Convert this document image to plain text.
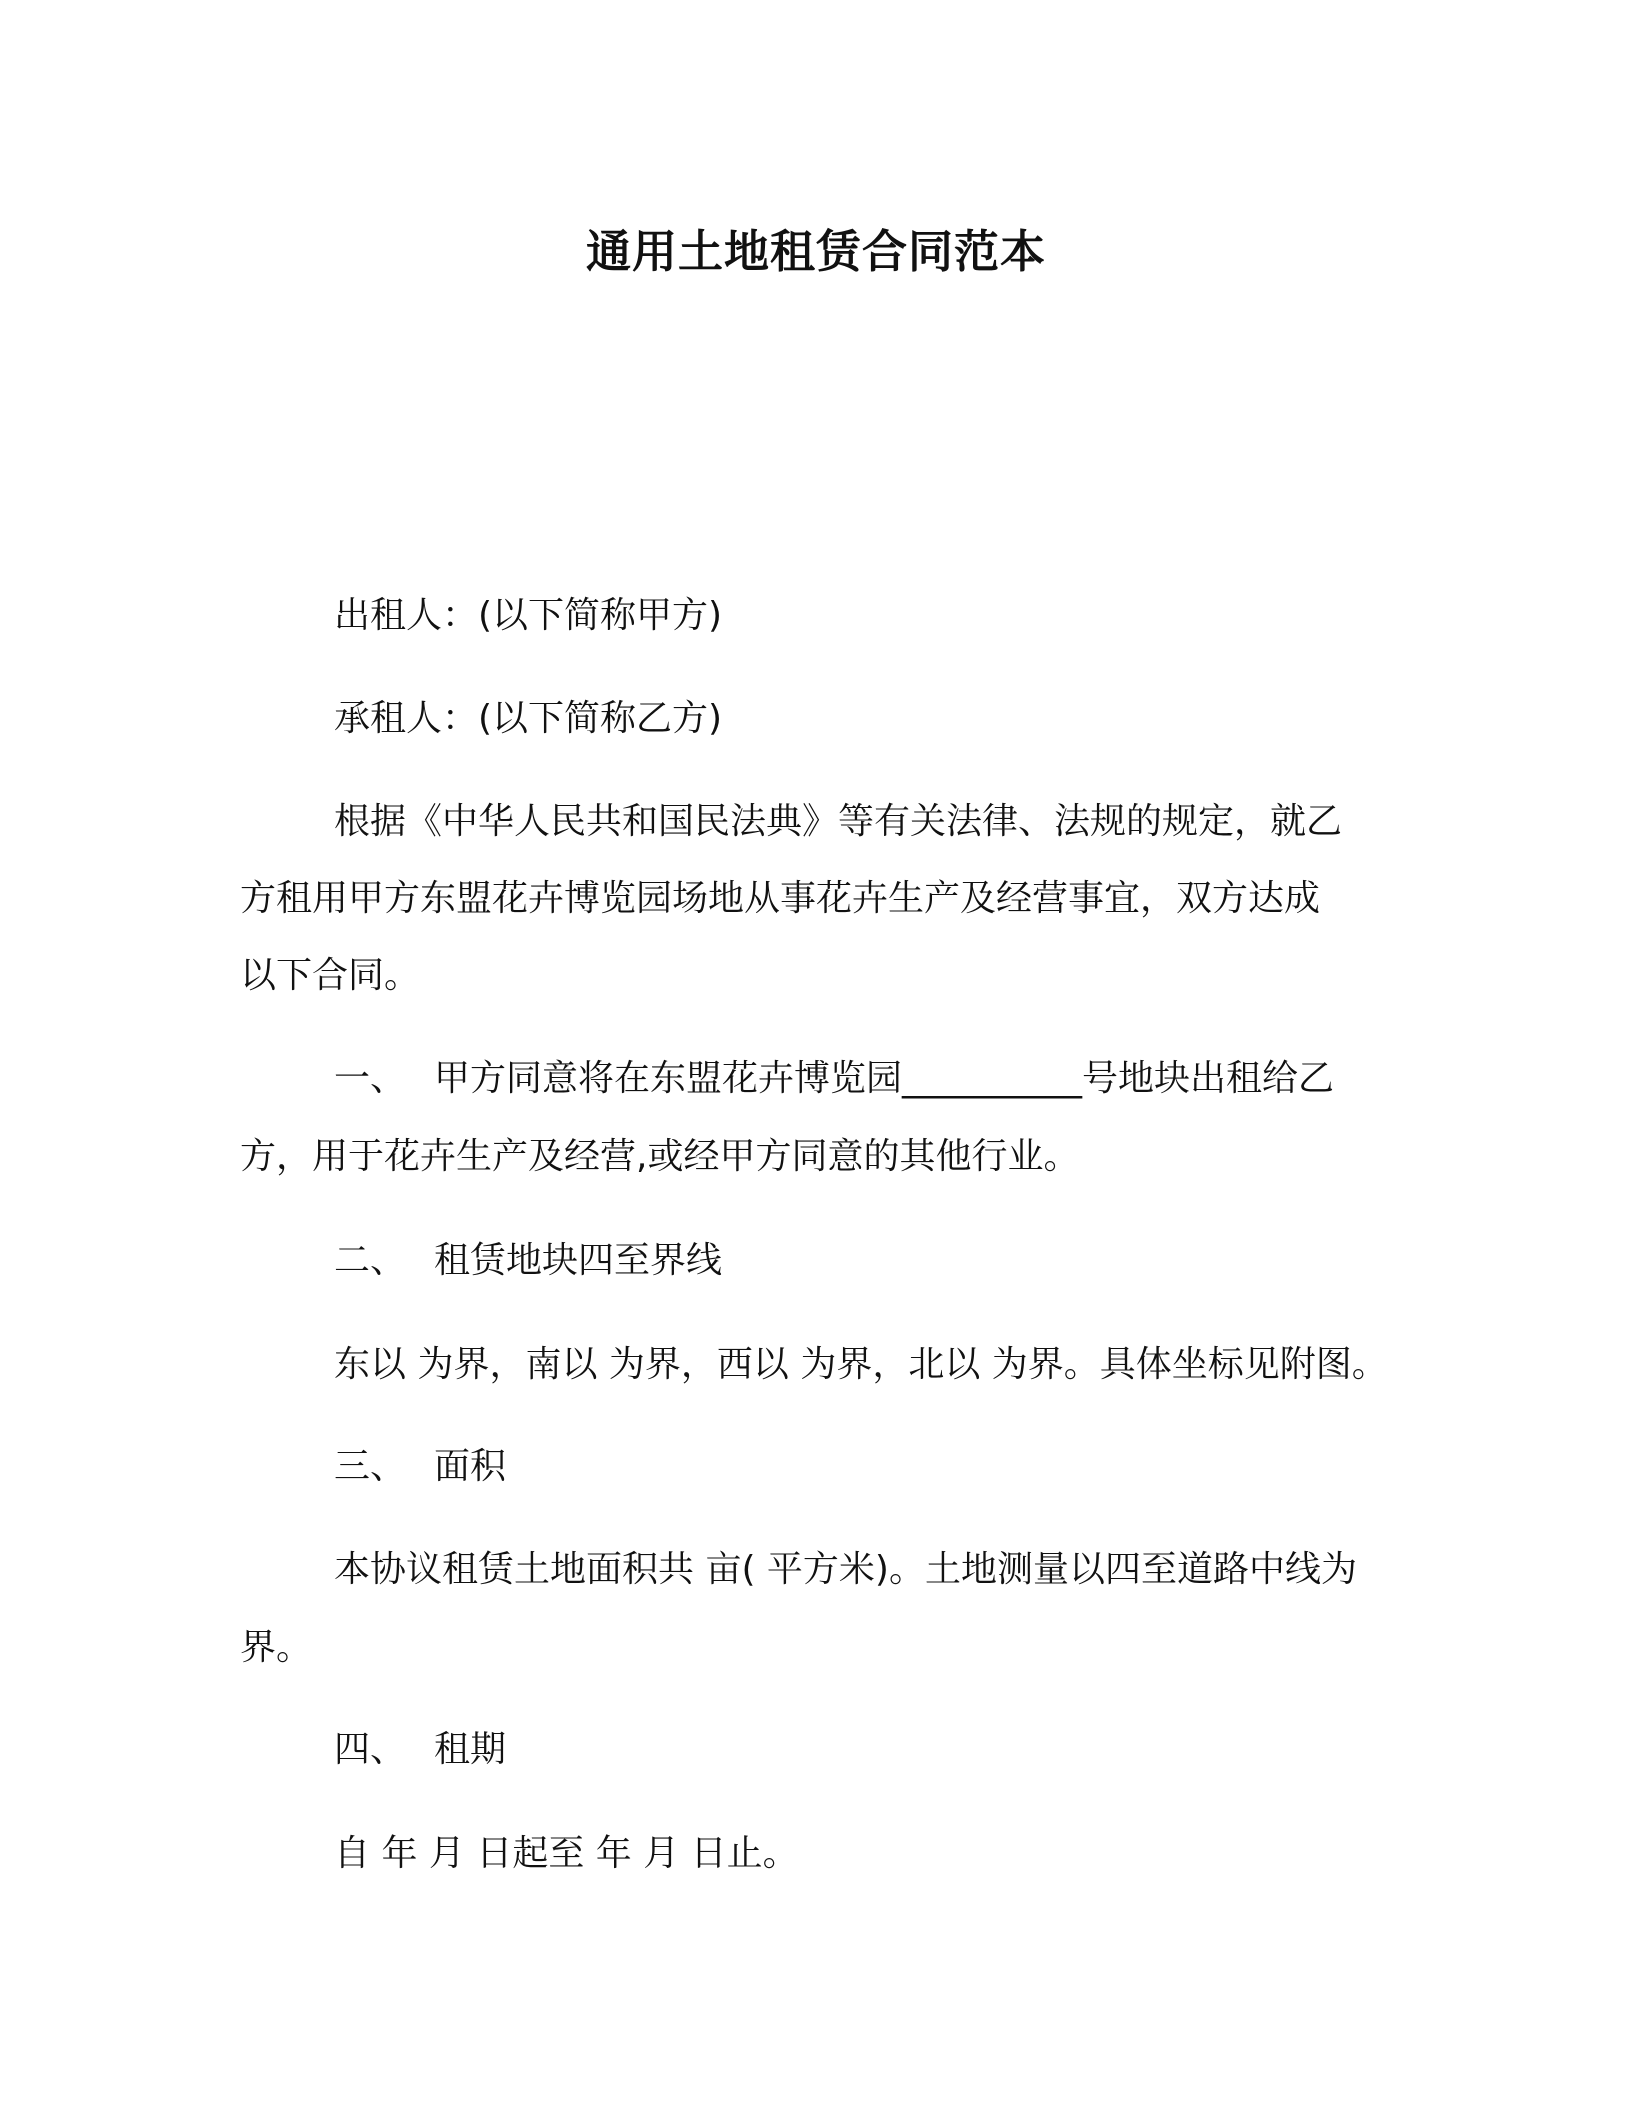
通用土地租赁合同范本
出租人：(以下简称甲方)
承租人：(以下简称乙方)
根据《中华人民共和国民法典》等有关法律、法规的规定，就乙
方租用甲方东盟花卉博览园场地从事花卉生产及经营事宜，双方达成
以下合同。
一、 甲方同意将在东盟花卉博览园__________号地块出租给乙
方，用于花卉生产及经营,或经甲方同意的其他行业。
二、 租赁地块四至界线
东以 为界，南以 为界，西以 为界，北以 为界。具体坐标见附图。
三、 面积
本协议租赁土地面积共 亩( 平方米)。土地测量以四至道路中线为
界。
四、 租期
自 年 月 日起至 年 月 日止。
